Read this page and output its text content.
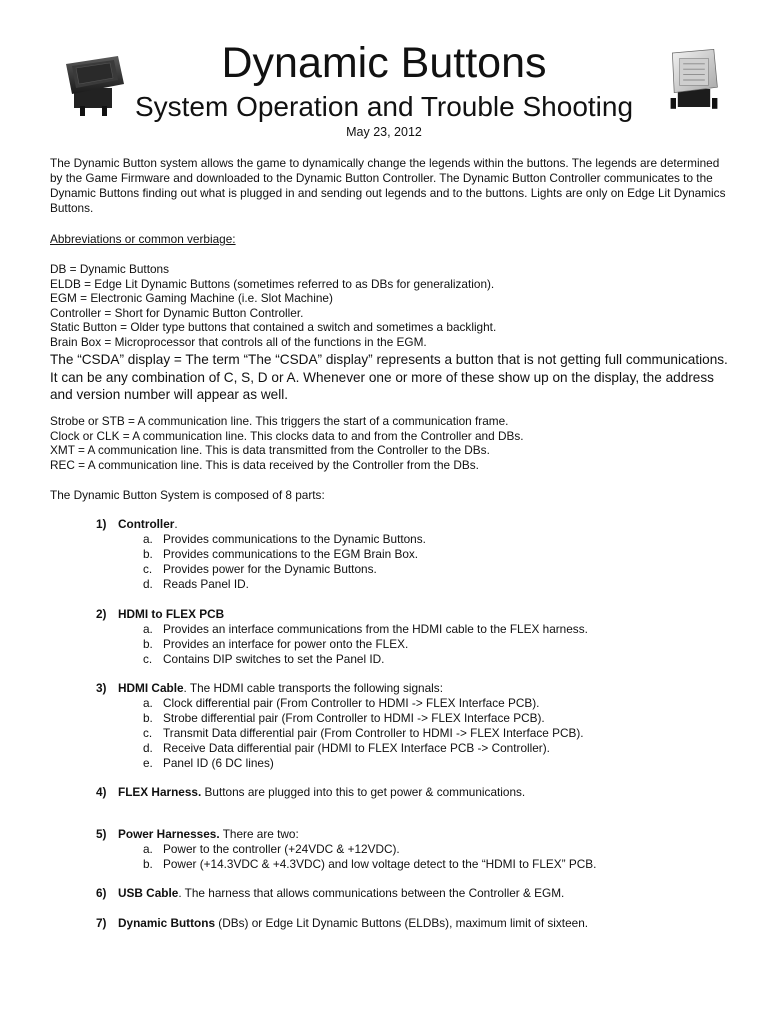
Dynamic Buttons
System Operation and Trouble Shooting
May 23, 2012
The Dynamic Button system allows the game to dynamically change the legends within the buttons. The legends are determined by the Game Firmware and downloaded to the Dynamic Button Controller. The Dynamic Button Controller communicates to the Dynamic Buttons finding out what is plugged in and sending out legends and to the buttons. Lights are only on Edge Lit Dynamics Buttons.
Abbreviations or common verbiage:
DB = Dynamic Buttons
ELDB = Edge Lit Dynamic Buttons (sometimes referred to as DBs for generalization).
EGM = Electronic Gaming Machine (i.e. Slot Machine)
Controller = Short for Dynamic Button Controller.
Static Button = Older type buttons that contained a switch and sometimes a backlight.
Brain Box = Microprocessor that controls all of the functions in the EGM.
The “CSDA” display = The term “The “CSDA” display” represents a button that is not getting full communications. It can be any combination of C, S, D or A. Whenever one or more of these show up on the display, the address and version number will appear as well.
Strobe or STB = A communication line. This triggers the start of a communication frame.
Clock or CLK = A communication line. This clocks data to and from the Controller and DBs.
XMT = A communication line. This is data transmitted from the Controller to the DBs.
REC = A communication line. This is data received by the Controller from the DBs.
The Dynamic Button System is composed of 8 parts:
1) Controller.
a. Provides communications to the Dynamic Buttons.
b. Provides communications to the EGM Brain Box.
c. Provides power for the Dynamic Buttons.
d. Reads Panel ID.
2) HDMI to FLEX PCB
a. Provides an interface communications from the HDMI cable to the FLEX harness.
b. Provides an interface for power onto the FLEX.
c. Contains DIP switches to set the Panel ID.
3) HDMI Cable. The HDMI cable transports the following signals:
a. Clock differential pair (From Controller to HDMI -> FLEX Interface PCB).
b. Strobe differential pair (From Controller to HDMI -> FLEX Interface PCB).
c. Transmit Data differential pair (From Controller to HDMI -> FLEX Interface PCB).
d. Receive Data differential pair (HDMI to FLEX Interface PCB -> Controller).
e. Panel ID (6 DC lines)
4) FLEX Harness. Buttons are plugged into this to get power & communications.
5) Power Harnesses. There are two:
a. Power to the controller (+24VDC & +12VDC).
b. Power (+14.3VDC & +4.3VDC) and low voltage detect to the “HDMI to FLEX” PCB.
6) USB Cable. The harness that allows communications between the Controller & EGM.
7) Dynamic Buttons (DBs) or Edge Lit Dynamic Buttons (ELDBs), maximum limit of sixteen.
